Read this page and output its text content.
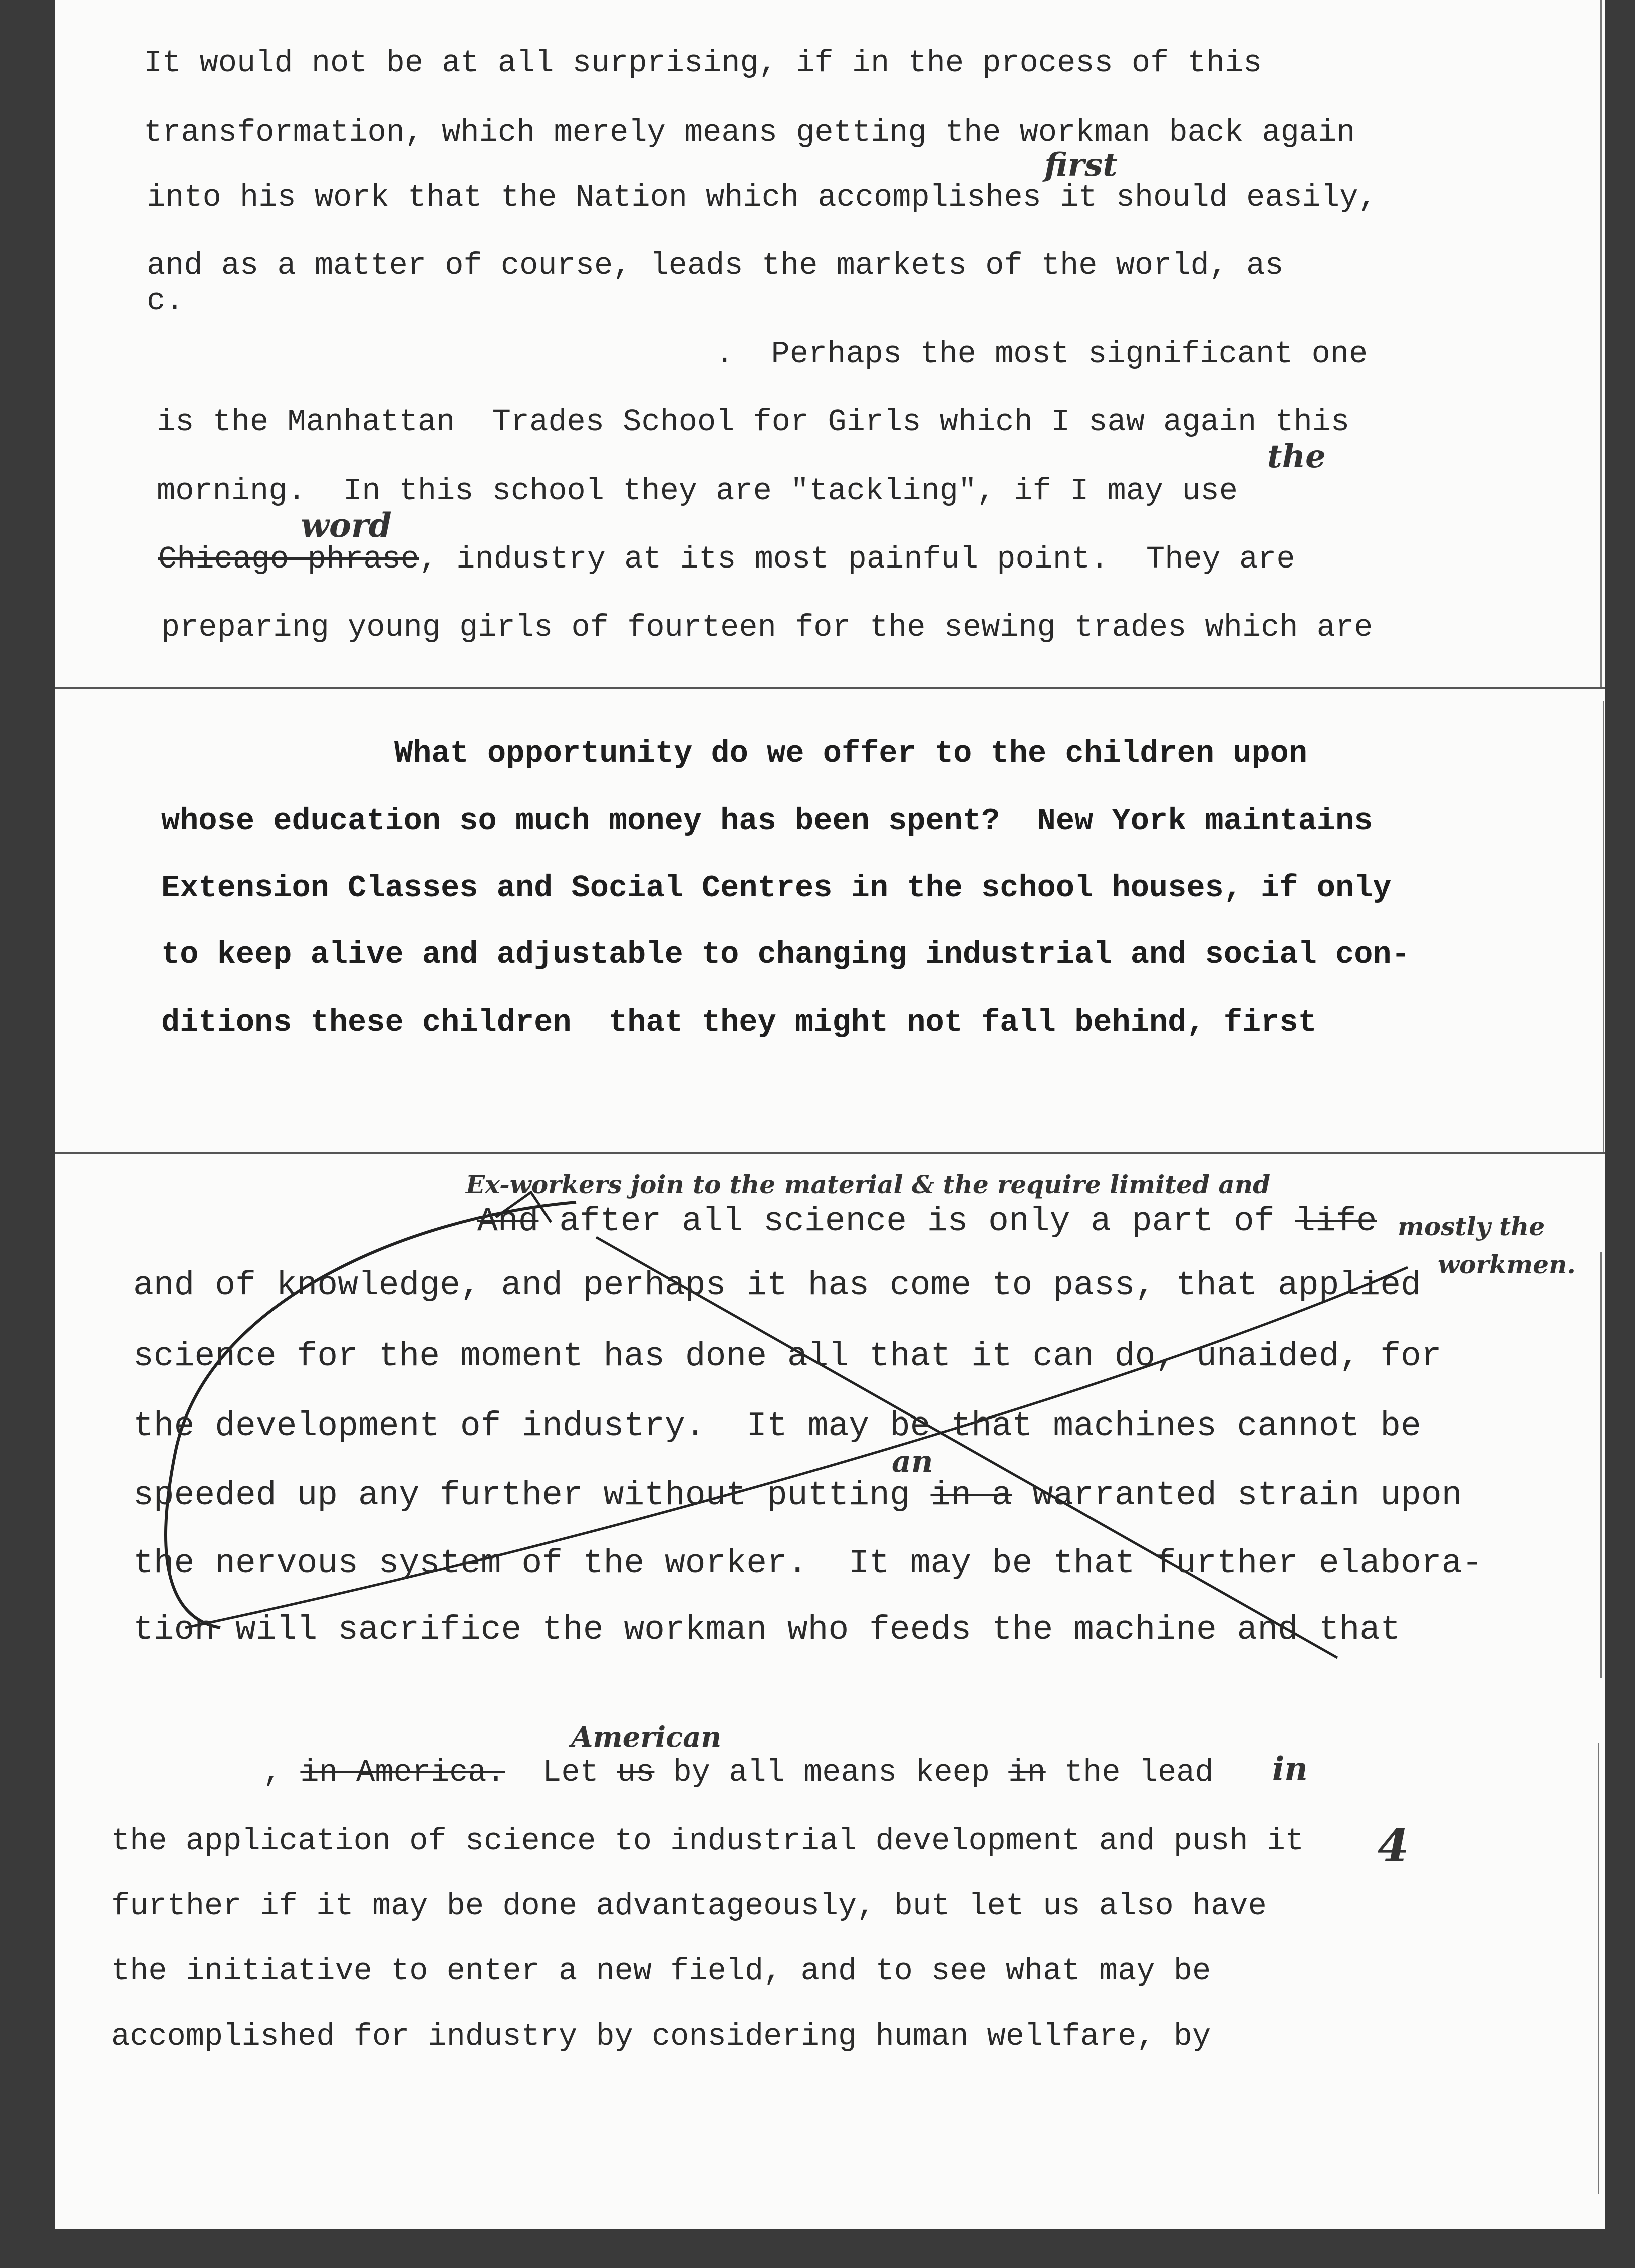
It would not be at all surprising, if in the process of this
transformation, which merely means getting the workman back again
into his work that the Nation which accomplishes it should easily,
and as a matter of course, leads the markets of the world, as
c.
.  Perhaps the most significant one
is the Manhattan  Trades School for Girls which I saw again this
morning.  In this school they are "tackling", if I may use
Chicago phrase, industry at its most painful point.  They are
preparing young girls of fourteen for the sewing trades which are
What opportunity do we offer to the children upon
whose education so much money has been spent?  New York maintains
Extension Classes and Social Centres in the school houses, if only
to keep alive and adjustable to changing industrial and social con-
ditions these children  that they might not fall behind, first
And after all science is only a part of life
and of knowledge, and perhaps it has come to pass, that applied
science for the moment has done all that it can do, unaided, for
the development of industry.  It may be that machines cannot be
speeded up any further without putting in a warranted strain upon
the nervous system of the worker.  It may be that further elabora-
tion will sacrifice the workman who feeds the machine and that
, in America.  Let us by all means keep in the lead
the application of science to industrial development and push it
further if it may be done advantageously, but let us also have
the initiative to enter a new field, and to see what may be
accomplished for industry by considering human wellfare, by
first
the
word
Ex-workers join to the material & the require limited and
mostly the
workmen.
an
American
in
4
